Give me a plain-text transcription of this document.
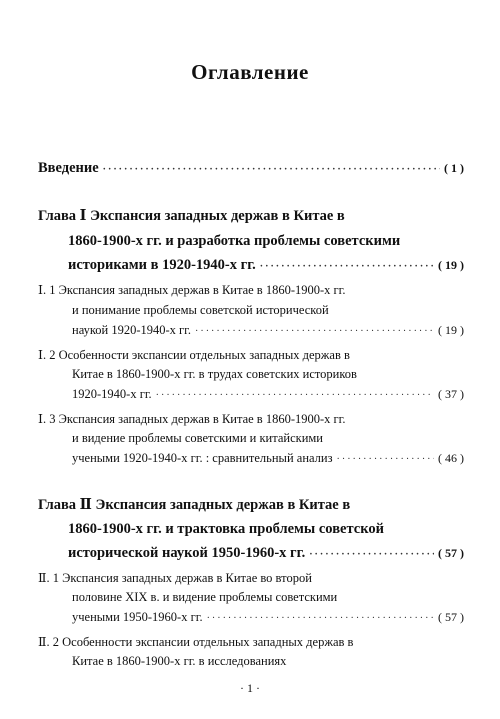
Оглавление
Введение ·····	( 1 )
Глава Ⅰ Экспансия западных держав в Китае в
1860-1900-х гг. и разработка проблемы советскими
историками в 1920-1940-х гг. ·····	( 19 )
Ⅰ. 1 Экспансия западных держав в Китае в 1860-1900-х гг.
и понимание проблемы советской исторической
наукой 1920-1940-х гг. ·····	( 19 )
Ⅰ. 2 Особенности экспансии отдельных западных держав в
Китае в 1860-1900-х гг. в трудах советских историков
1920-1940-х гг. ·····	( 37 )
Ⅰ. 3 Экспансия западных держав в Китае в 1860-1900-х гг.
и видение проблемы советскими и китайскими
учеными 1920-1940-х гг. : сравнительный анализ ·····	( 46 )
Глава Ⅱ Экспансия западных держав в Китае в
1860-1900-х гг. и трактовка проблемы советской
исторической наукой 1950-1960-х гг. ·····	( 57 )
Ⅱ. 1 Экспансия западных держав в Китае во второй
половине XIX в. и видение проблемы советскими
учеными 1950-1960-х гг. ·····	( 57 )
Ⅱ. 2 Особенности экспансии отдельных западных держав в
Китае в 1860-1900-х гг. в исследованиях
· 1 ·
